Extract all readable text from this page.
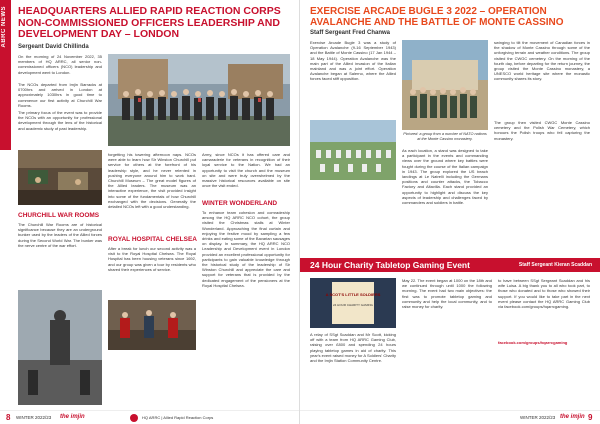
ABRC NEWS HEADQUARTERS ALLIED RAPID REACTION CORPS NON-COMMISSIONED OFFICERS LEADERSHIP AND DEVELOPMENT DAY – LONDON
Sergeant David Chillinda
On the morning of 24 November 2022, 35 members of HQ ARRC, all senior non-commissioned officers (NCO) leadership and development went to London.
The NCOs departed from Imjin Barracks at 0700hrs and arrived in London at approximately 1030hrs in good time to commence our first activity at Churchill War Rooms.
The primary focus of the event was to provide the NCOs with an opportunity for professional development through the lens of the historical and academic study of past leadership.
CHURCHILL WAR ROOMS
The Churchill War Rooms are of historical significance because they are an underground bunker used by the leaders of the Allied forces during the Second World War. The bunker was the nerve centre of the war effort.
forgetting his towering afternoon naps. NCOs were able to learn how Sir Winston Churchill put service for others at the forefront of his leadership style, and he never relented in pushing everyone around him to work hard. Churchill Museum – The great model figures of the Allied leaders. The museum was an interactive experience, the visit provided insight into some of the fundamentals of how Churchill exchanged with the decisions. Generally the detailed NCOs left with a good understanding.
ROYAL HOSPITAL CHELSEA
After a break for lunch our second activity was a visit to the Royal Hospital Chelsea. The Royal Hospital has been housing veterans since 1692, and our group was given a tour by residents who shared their experiences of service.
Army, since NCOs it has offered care and camaraderie for veterans in recognition of their loyal service to the Nation. We had an opportunity to visit the church and the museum on site and were truly overwhelmed by the massive historical resources available on site once the visit ended.
WINTER WONDERLAND
To enhance team cohesion and comradeship among the HQ ARRC NCO cohort, the group visited the Christmas stalls at Winter Wonderland. Approaching the final curtain and enjoying the festive mood by sampling a few drinks and eating some of the Bavarian sausages on display. In summary, the HQ ARRC NCO Leadership and Development event in London provided an excellent professional opportunity for participants to gain valuable knowledge through the historical study of the leadership of Sir Winston Churchill and appreciate the care and support for veterans that is provided by the dedicated engagement of the pensioners at the Royal Hospital Chelsea.
8 WINTER 2022/23 the imjin	HQ ARRC | Allied Rapid Reaction Corps
EXERCISE ARCADE BUGLE 3 2022 – OPERATION AVALANCHE AND THE BATTLE OF MONTE CASSINO
Staff Sergeant Fred Chanwa
Exercise Arcade Bugle 3 was a study of Operation Avalanche (9-16 September 1943) and the Battle of Monte Cassino (17 Jan 1944 – 18 May 1944). Operation Avalanche was the main part of the Allied invasion of the Italian mainland and was a joint effort. Operation Avalanche began at Salerno, where the Allied forces faced stiff opposition.
Pictured: a group from a number of NATO nations at the Monte Cassino monastery.
As each location, a stand was designed to take a participant in the events and commanding views over the ground where key battles were fought during the course of the Italian campaign in 1943. The group explored the US beach landings at Le Natrelli including the Germans positions and counter attacks, the Tobacco Factory and Altavilla. Each stand provided an opportunity to highlight and discuss the key aspects of leadership and challenges faced by commanders and soldiers in battle.
swinging to tilt the movement of Canadian forces in the shadow of Monte Cassino through some of the unforgiving terrain and weather conditions. The group visited the CWGC cemetery. On the morning of the fourth day, before departing for the return journey, the group visited the Monte Cassino monastery, a UNESCO world heritage site where the monastic community shares its story.
The group then visited CWGC Monte Cassino cemetery and the Polish War Cemetery, which honours the Polish troops who fell capturing the monastery.
24 Hour Charity Tabletop Gaming Event	Staff Sergeant Kieran Scaddan
A SCOT'S LITTLE SOLDIERS
24 HOUR CHARITY GAMING
A relay of SSgt Scaddan and Mr Scott, kicking off with a team from HQ ARRC Gaming Club, raising over £800 and spending 24 hours playing tabletop games in aid of charity. This year's event raised money for A Soldiers' Charity and the Imjin Station Community Centre.
May 22. The event began at 1000 on the 18th and we continued through until 1000 the following morning. The event had two main objectives: the first was to promote tabletop gaming and community and help the local community, and to raise money for charity.
to have between SSgt Sergeant Scaddan and his wife Luisa. A big thank you to all who took part, to those who donated and to those who showed their support. If you would like to take part in the next event please contact the HQ ARRC Gaming Club via facebook.com/groups/hqarrcgaming.
facebook.com/groups/hqarrcgaming
WINTER 2022/23 the imjin 9
